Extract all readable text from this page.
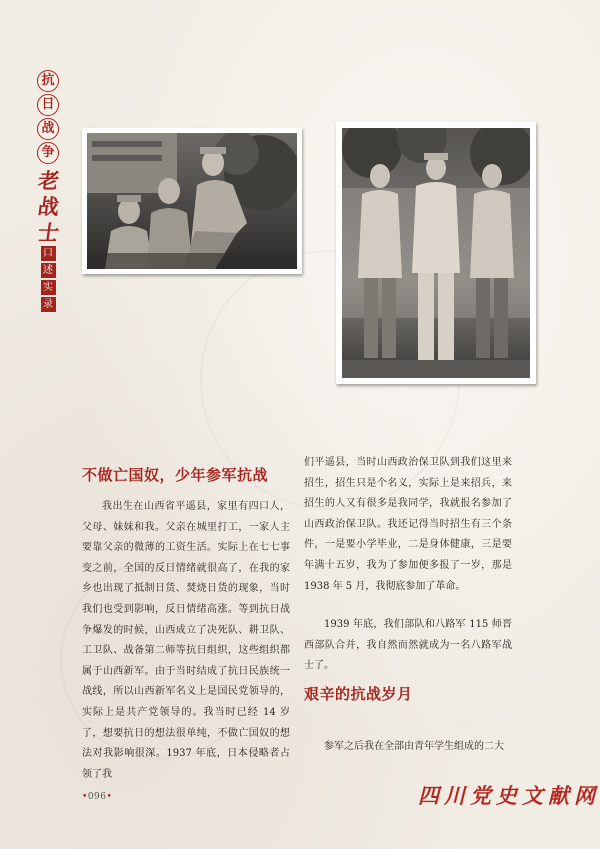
抗
日
战
争
老
战
士
口
述
实
录
不做亡国奴，少年参军抗战

我出生在山西省平遥县，家里有四口人，父母、妹妹和我。父亲在城里打工，一家人主要靠父亲的微薄的工资生活。实际上在七七事变之前，全国的反日情绪就很高了，在我的家乡也出现了抵制日货、焚烧日货的现象，当时我们也受到影响，反日情绪高涨。等到抗日战争爆发的时候，山西成立了决死队、耕卫队、工卫队、战备第二师等抗日组织，这些组织都属于山西新军。由于当时结成了抗日民族统一战线，所以山西新军名义上是国民党领导的，实际上是共产党领导的。我当时已经 14 岁了，想要抗日的想法很单纯，不做亡国奴的想法对我影响很深。1937 年底，日本侵略者占领了我

们平遥县，当时山西政治保卫队到我们这里来招生，招生只是个名义，实际上是来招兵，来招生的人又有很多是我同学，我就报名参加了山西政治保卫队。我还记得当时招生有三个条件，一是要小学毕业，二是身体健康，三是要年满十五岁，我为了参加便多报了一岁，那是 1938 年 5 月，我彻底参加了革命。

1939 年底，我们部队和八路军 115 师晋西部队合并，我自然而然就成为一名八路军战士了。

参军之后我在全部由青年学生组成的二大

艰辛的抗战岁月
•096•	四川党史文献网
